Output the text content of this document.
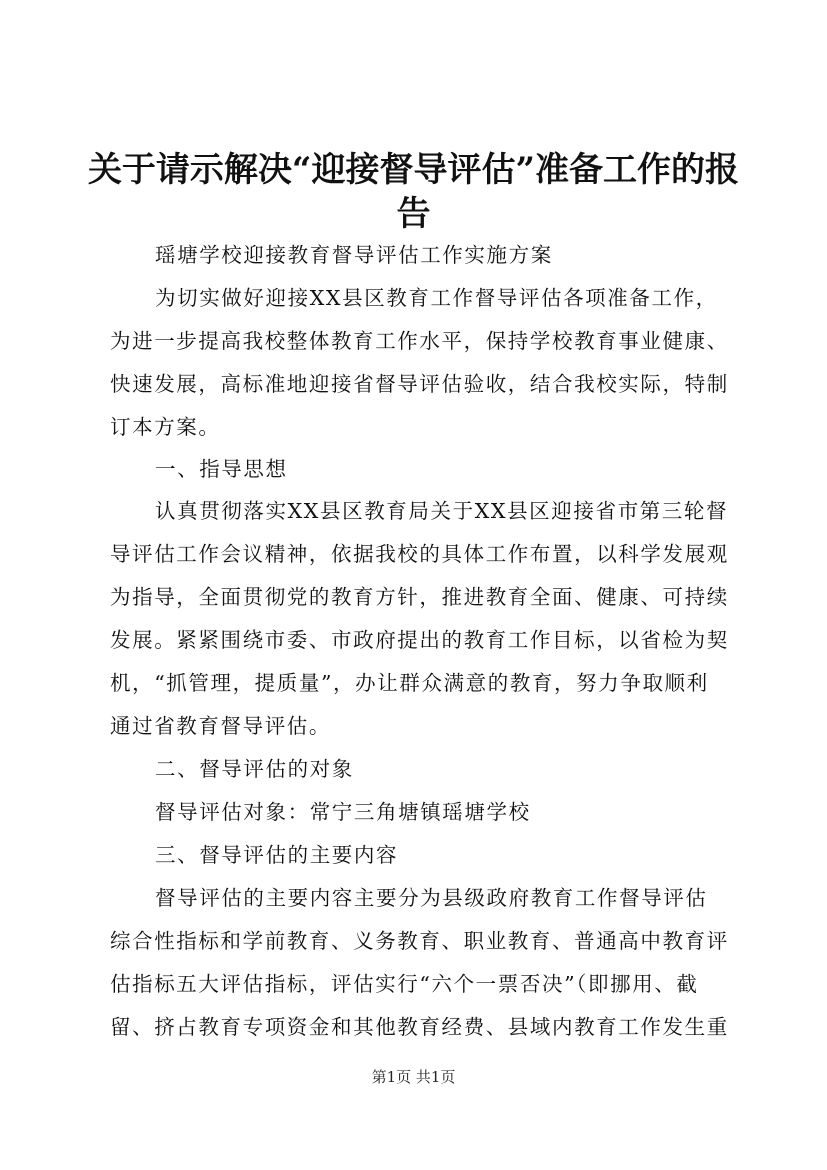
关于请示解决“迎接督导评估”准备工作的报
告
瑶塘学校迎接教育督导评估工作实施方案
为切实做好迎接XX县区教育工作督导评估各项准备工作，
为进一步提高我校整体教育工作水平，保持学校教育事业健康、
快速发展，高标准地迎接省督导评估验收，结合我校实际，特制
订本方案。
一、指导思想
认真贯彻落实XX县区教育局关于XX县区迎接省市第三轮督
导评估工作会议精神，依据我校的具体工作布置，以科学发展观
为指导，全面贯彻党的教育方针，推进教育全面、健康、可持续
发展。紧紧围绕市委、市政府提出的教育工作目标，以省检为契
机，“抓管理，提质量”，办让群众满意的教育，努力争取顺利
通过省教育督导评估。
二、督导评估的对象
督导评估对象：常宁三角塘镇瑶塘学校
三、督导评估的主要内容
督导评估的主要内容主要分为县级政府教育工作督导评估
综合性指标和学前教育、义务教育、职业教育、普通高中教育评
估指标五大评估指标，评估实行“六个一票否决”（即挪用、截
留、挤占教育专项资金和其他教育经费、县域内教育工作发生重
第1页 共1页
